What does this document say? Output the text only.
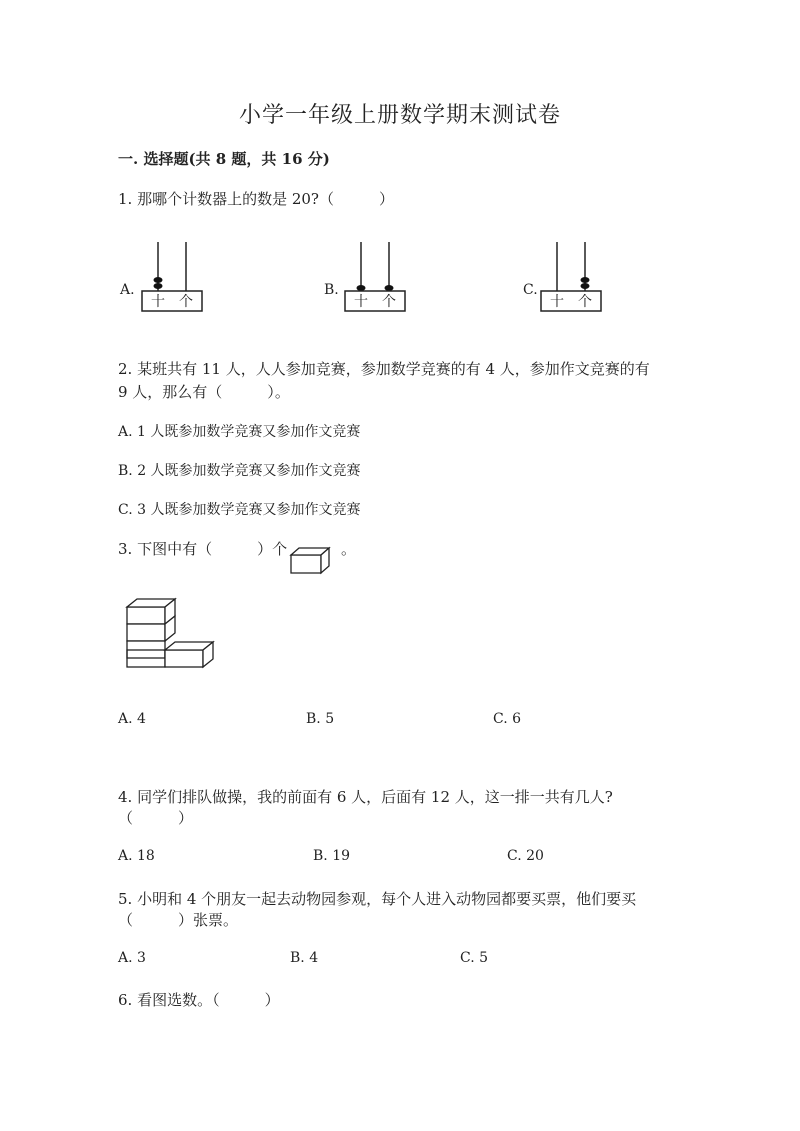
小学一年级上册数学期末测试卷
一. 选择题(共 8 题，共 16 分)
1. 那哪个计数器上的数是 20?（　　　）
A.
十 个
B.
十 个
C.
十 个
2. 某班共有 11 人，人人参加竞赛，参加数学竞赛的有 4 人，参加作文竞赛的有
9 人，那么有（　　　）。
A. 1 人既参加数学竞赛又参加作文竞赛
B. 2 人既参加数学竞赛又参加作文竞赛
C. 3 人既参加数学竞赛又参加作文竞赛
3. 下图中有（　　　）个	。
A. 4	B. 5	C. 6
4. 同学们排队做操，我的前面有 6 人，后面有 12 人，这一排一共有几人?
（　　　）
A. 18	B. 19	C. 20
5. 小明和 4 个朋友一起去动物园参观，每个人进入动物园都要买票，他们要买
（　　　）张票。
A. 3	B. 4	C. 5
6. 看图选数。（　　　）
